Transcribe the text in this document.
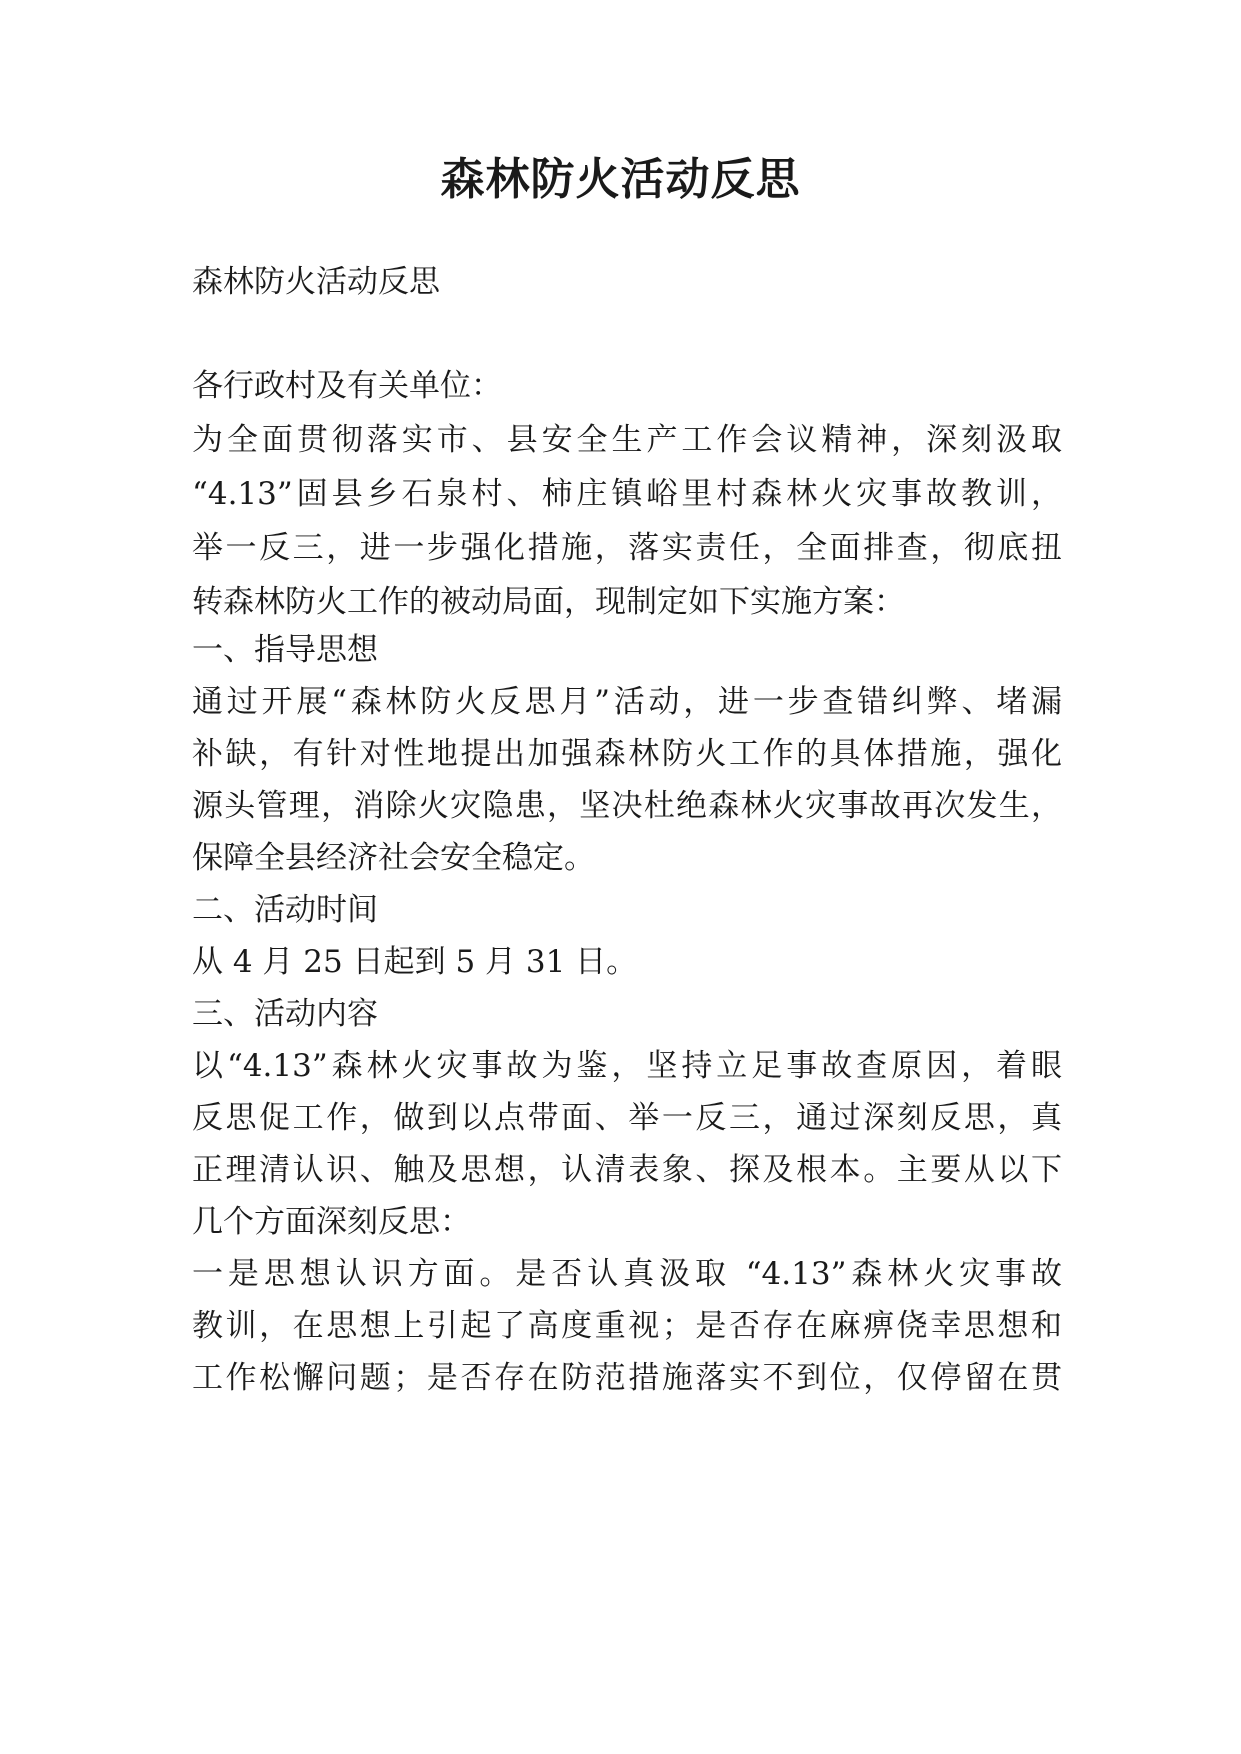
森林防火活动反思

森林防火活动反思

各行政村及有关单位：

为全面贯彻落实市、县安全生产工作会议精神，深刻汲取

“4.13”固县乡石泉村、柿庄镇峪里村森林火灾事故教训，

举一反三，进一步强化措施，落实责任，全面排查，彻底扭

转森林防火工作的被动局面，现制定如下实施方案：

一、指导思想

通过开展“森林防火反思月”活动，进一步查错纠弊、堵漏

补缺，有针对性地提出加强森林防火工作的具体措施，强化

源头管理，消除火灾隐患，坚决杜绝森林火灾事故再次发生，

保障全县经济社会安全稳定。

二、活动时间

从 4 月 25 日起到 5 月 31 日。

三、活动内容

以“4.13”森林火灾事故为鉴，坚持立足事故查原因，着眼

反思促工作，做到以点带面、举一反三，通过深刻反思，真

正理清认识、触及思想，认清表象、探及根本。主要从以下

几个方面深刻反思：

一是思想认识方面。是否认真汲取 “4.13”森林火灾事故

教训，在思想上引起了高度重视；是否存在麻痹侥幸思想和

工作松懈问题；是否存在防范措施落实不到位，仅停留在贯
